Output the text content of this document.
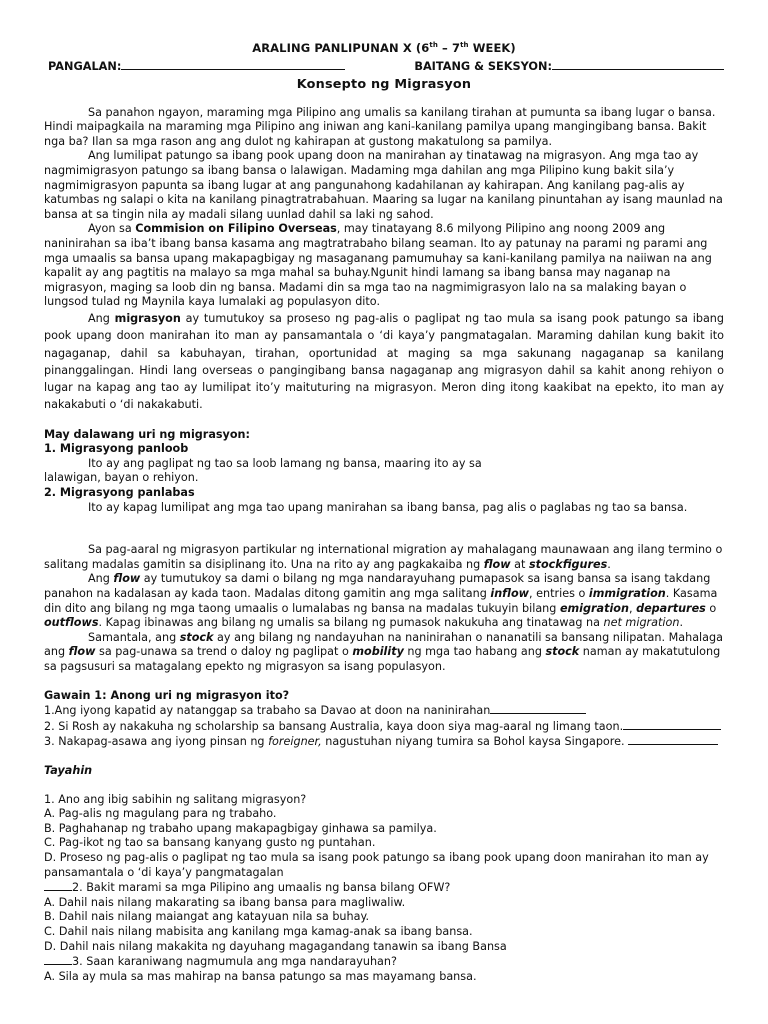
ARALING PANLIPUNAN X (6th – 7th WEEK)
PANGALAN:	BAITANG & SEKSYON:
Konsepto ng Migrasyon

Sa panahon ngayon, maraming mga Pilipino ang umalis sa kanilang tirahan at pumunta sa ibang lugar o bansa. Hindi maipagkaila na maraming mga Pilipino ang iniwan ang kani-kanilang pamilya upang mangingibang bansa. Bakit nga ba? Ilan sa mga rason ang ang dulot ng kahirapan at gustong makatulong sa pamilya.

Ang lumilipat patungo sa ibang pook upang doon na manirahan ay tinatawag na migrasyon. Ang mga tao ay nagmimigrasyon patungo sa ibang bansa o lalawigan. Madaming mga dahilan ang mga Pilipino kung bakit sila’y nagmimigrasyon papunta sa ibang lugar at ang pangunahong kadahilanan ay kahirapan. Ang kanilang pag-alis ay katumbas ng salapi o kita na kanilang pinagtratrabahuan. Maaring sa lugar na kanilang pinuntahan ay isang maunlad na bansa at sa tingin nila ay madali silang uunlad dahil sa laki ng sahod.

Ayon sa Commision on Filipino Overseas, may tinatayang 8.6 milyong Pilipino ang noong 2009 ang naninirahan sa iba’t ibang bansa kasama ang magtratrabaho bilang seaman. Ito ay patunay na parami ng parami ang mga umaalis sa bansa upang makapagbigay ng masaganang pamumuhay sa kani-kanilang pamilya na naiiwan na ang kapalit ay ang pagtitis na malayo sa mga mahal sa buhay.Ngunit hindi lamang sa ibang bansa may naganap na migrasyon, maging sa loob din ng bansa. Madami din sa mga tao na nagmimigrasyon lalo na sa malaking bayan o lungsod tulad ng Maynila kaya lumalaki ag populasyon dito.

Ang migrasyon ay tumutukoy sa proseso ng pag-alis o paglipat ng tao mula sa isang pook patungo sa ibang pook upang doon manirahan ito man ay pansamantala o ‘di kaya’y pangmatagalan. Maraming dahilan kung bakit ito nagaganap, dahil sa kabuhayan, tirahan, oportunidad at maging sa mga sakunang nagaganap sa kanilang pinanggalingan. Hindi lang overseas o pangingibang bansa nagaganap ang migrasyon dahil sa kahit anong rehiyon o lugar na kapag ang tao ay lumilipat ito’y maituturing na migrasyon. Meron ding itong kaakibat na epekto, ito man ay nakakabuti o ‘di nakakabuti.

May dalawang uri ng migrasyon:

1. Migrasyong panloob

Ito ay ang paglipat ng tao sa loob lamang ng bansa, maaring ito ay sa

lalawigan, bayan o rehiyon.

2. Migrasyong panlabas

Ito ay kapag lumilipat ang mga tao upang manirahan sa ibang bansa, pag alis o paglabas ng tao sa bansa.

Sa pag-aaral ng migrasyon partikular ng international migration ay mahalagang maunawaan ang ilang termino o salitang madalas gamitin sa disiplinang ito. Una na rito ay ang pagkakaiba ng flow at stockfigures.

Ang flow ay tumutukoy sa dami o bilang ng mga nandarayuhang pumapasok sa isang bansa sa isang takdang panahon na kadalasan ay kada taon. Madalas ditong gamitin ang mga salitang inflow, entries o immigration. Kasama din dito ang bilang ng mga taong umaalis o lumalabas ng bansa na madalas tukuyin bilang emigration, departures o outflows. Kapag ibinawas ang bilang ng umalis sa bilang ng pumasok nakukuha ang tinatawag na net migration.

Samantala, ang stock ay ang bilang ng nandayuhan na naninirahan o nananatili sa bansang nilipatan. Mahalaga ang flow sa pag-unawa sa trend o daloy ng paglipat o mobility ng mga tao habang ang stock naman ay makatutulong sa pagsusuri sa matagalang epekto ng migrasyon sa isang populasyon.

Gawain 1: Anong uri ng migrasyon ito?

1.Ang iyong kapatid ay natanggap sa trabaho sa Davao at doon na naninirahan

2. Si Rosh ay nakakuha ng scholarship sa bansang Australia, kaya doon siya mag-aaral ng limang taon.

3. Nakapag-asawa ang iyong pinsan ng foreigner, nagustuhan niyang tumira sa Bohol kaysa Singapore.

Tayahin

1. Ano ang ibig sabihin ng salitang migrasyon?

A. Pag-alis ng magulang para ng trabaho.

B. Paghahanap ng trabaho upang makapagbigay ginhawa sa pamilya.

C. Pag-ikot ng tao sa bansang kanyang gusto ng puntahan.

D. Proseso ng pag-alis o paglipat ng tao mula sa isang pook patungo sa ibang pook upang doon manirahan ito man ay
pansamantala o ‘di kaya’y pangmatagalan

2. Bakit marami sa mga Pilipino ang umaalis ng bansa bilang OFW?

A. Dahil nais nilang makarating sa ibang bansa para magliwaliw.

B. Dahil nais nilang maiangat ang katayuan nila sa buhay.

C. Dahil nais nilang mabisita ang kanilang mga kamag-anak sa ibang bansa.

D. Dahil nais nilang makakita ng dayuhang magagandang tanawin sa ibang Bansa

3. Saan karaniwang nagmumula ang mga nandarayuhan?

A. Sila ay mula sa mas mahirap na bansa patungo sa mas mayamang bansa.
